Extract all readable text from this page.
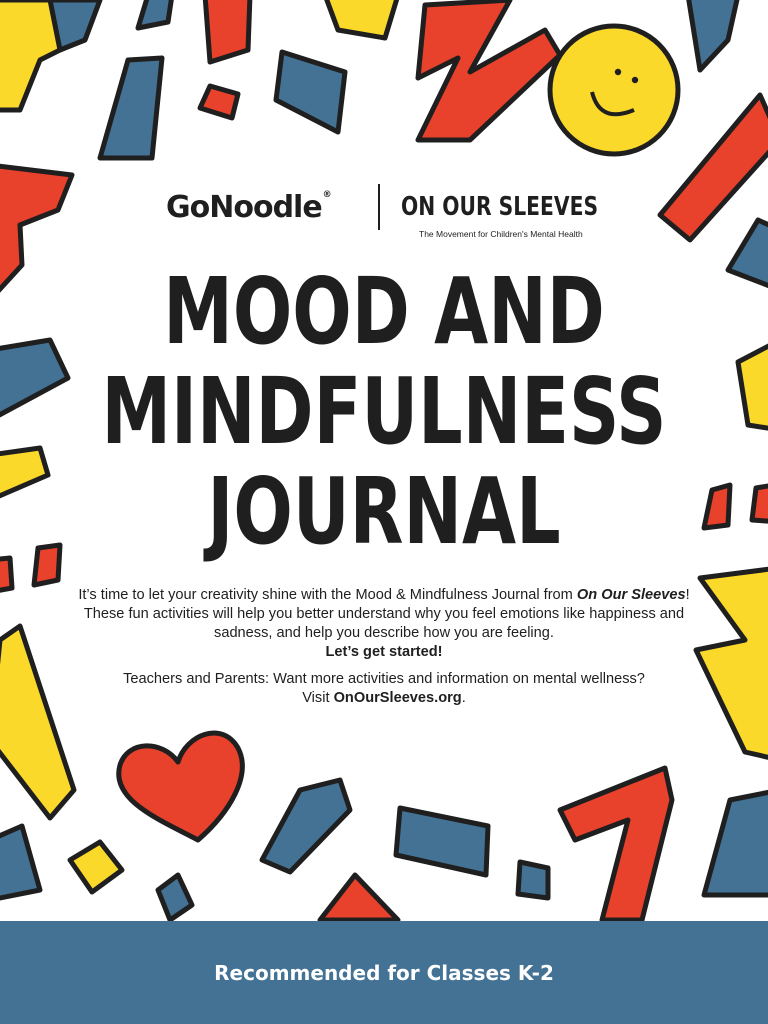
GoNoodle®	ON OUR SLEEVES
The Movement for Children's Mental Health
MOOD AND
MINDFULNESS
JOURNAL

It’s time to let your creativity shine with the Mood & Mindfulness Journal from On Our Sleeves! These fun activities will help you better understand why you feel emotions like happiness and sadness, and help you describe how you are feeling.
Let’s get started!

Teachers and Parents: Want more activities and information on mental wellness?
Visit OnOurSleeves.org.

Recommended for Classes K-2
